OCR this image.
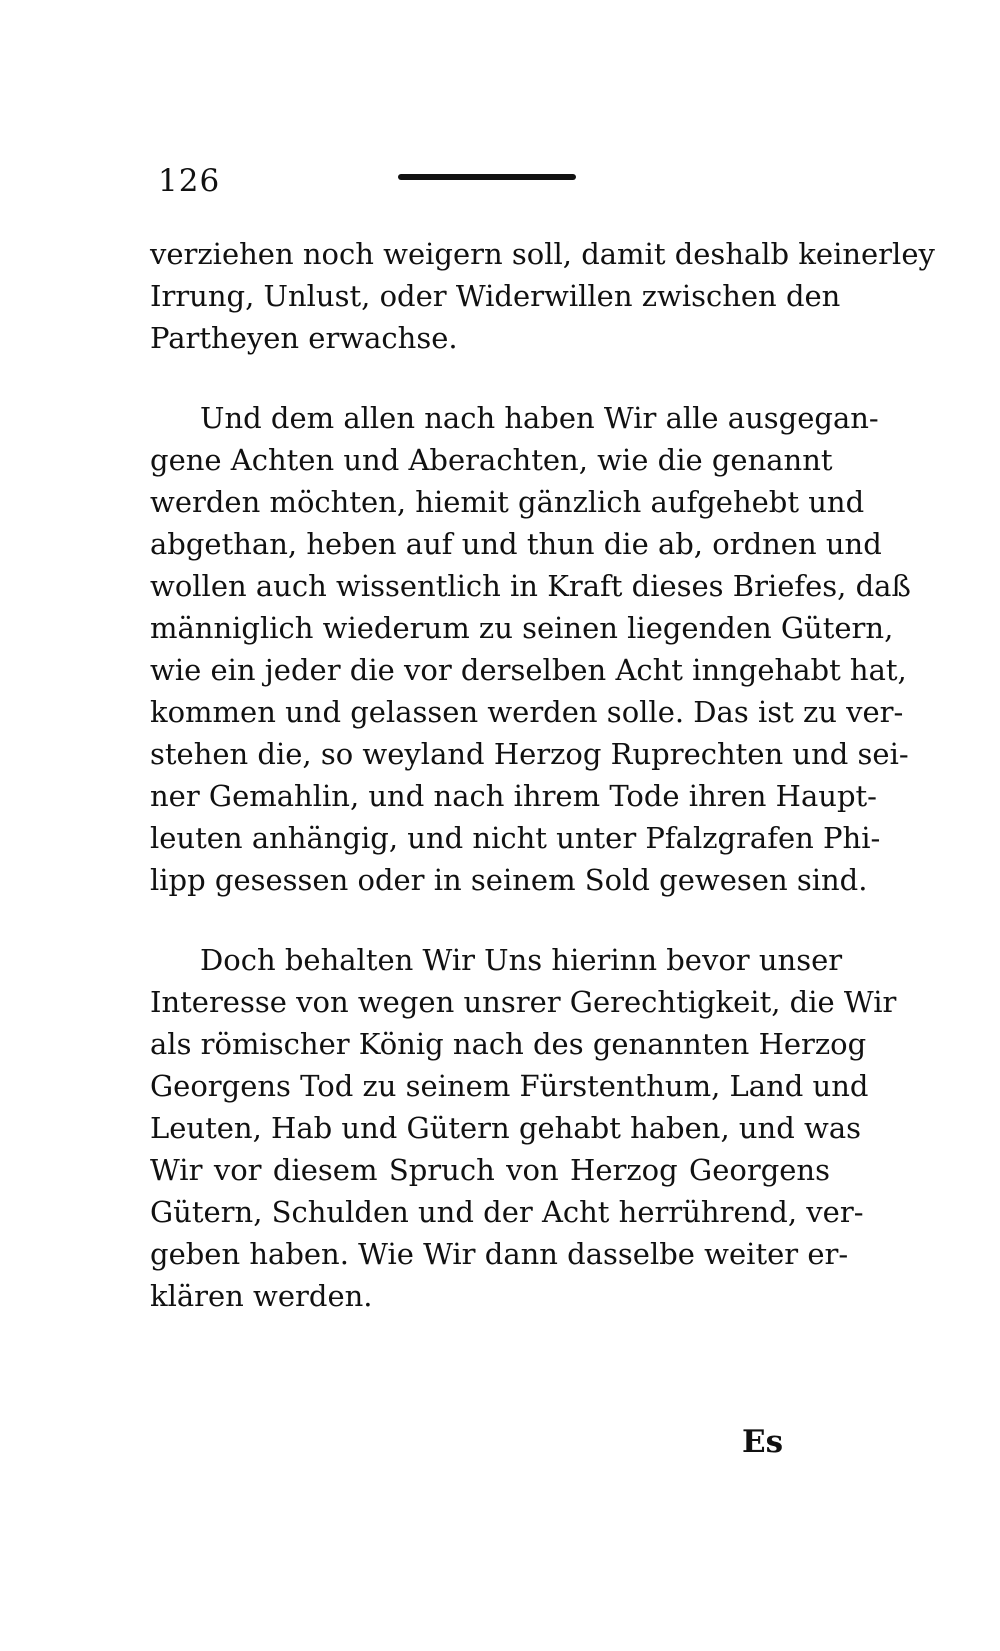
126
verziehen noch weigern soll, damit deshalb keinerley
Irrung, Unlust, oder Widerwillen zwischen den
Partheyen erwachse.
Und dem allen nach haben Wir alle ausgegan-
gene Achten und Aberachten, wie die genannt
werden möchten, hiemit gänzlich aufgehebt und
abgethan, heben auf und thun die ab, ordnen und
wollen auch wissentlich in Kraft dieses Briefes, daß
männiglich wiederum zu seinen liegenden Gütern,
wie ein jeder die vor derselben Acht inngehabt hat,
kommen und gelassen werden solle. Das ist zu ver-
stehen die, so weyland Herzog Ruprechten und sei-
ner Gemahlin, und nach ihrem Tode ihren Haupt-
leuten anhängig, und nicht unter Pfalzgrafen Phi-
lipp gesessen oder in seinem Sold gewesen sind.
Doch behalten Wir Uns hierinn bevor unser
Interesse von wegen unsrer Gerechtigkeit, die Wir
als römischer König nach des genannten Herzog
Georgens Tod zu seinem Fürstenthum, Land und
Leuten, Hab und Gütern gehabt haben, und was
Wir vor diesem Spruch von Herzog Georgens
Gütern, Schulden und der Acht herrührend, ver-
geben haben. Wie Wir dann dasselbe weiter er-
klären werden.
Es
